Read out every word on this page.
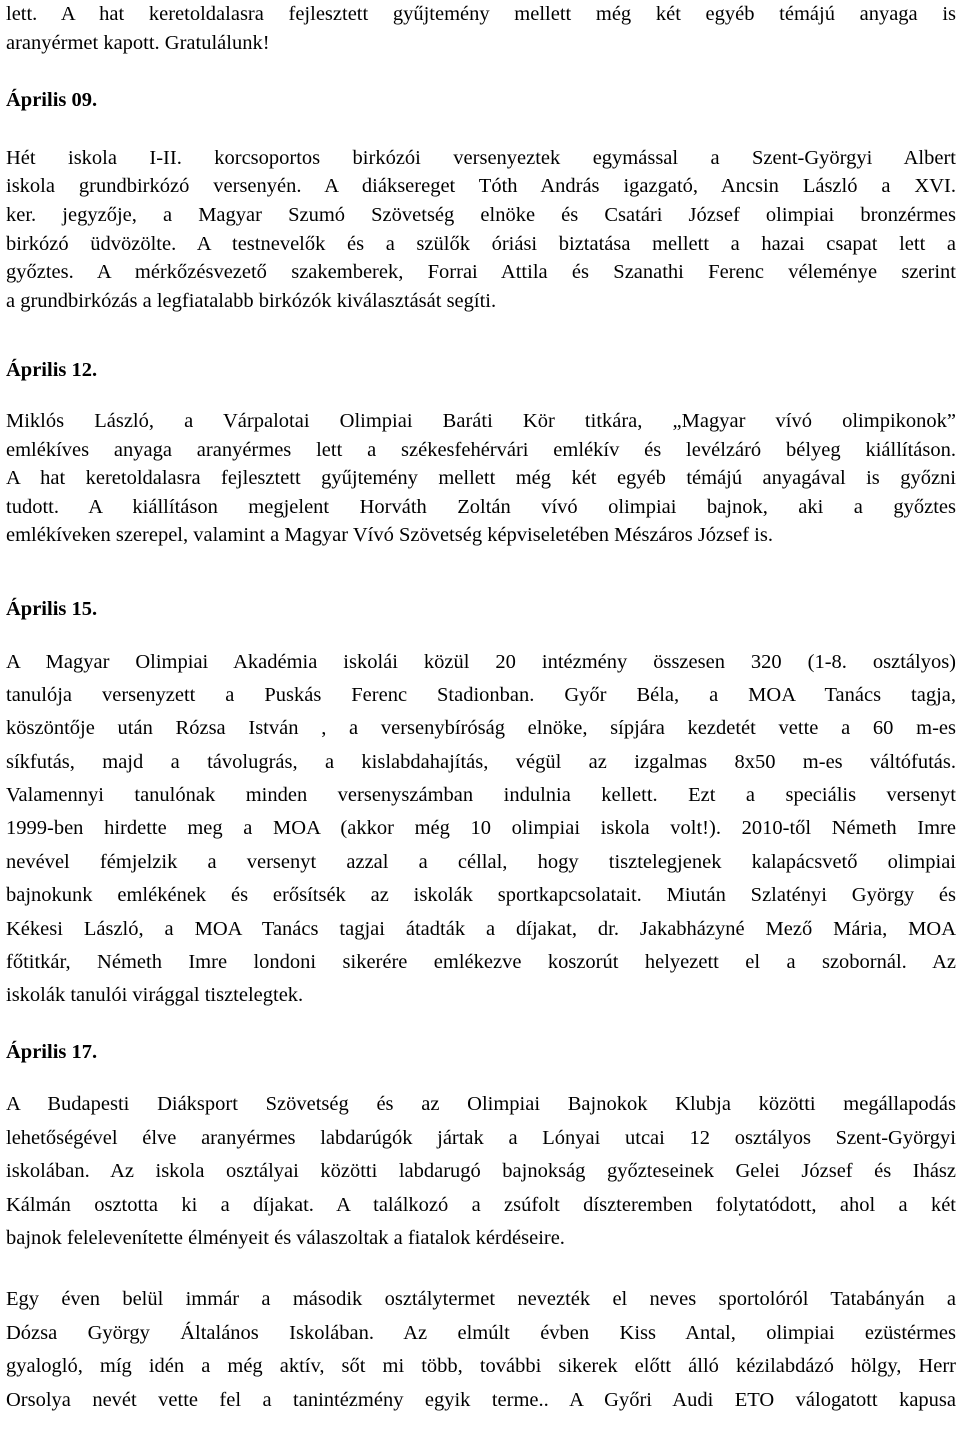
lett. A hat keretoldalasra fejlesztett gyűjtemény mellett még két egyéb témájú anyaga is
aranyérmet kapott. Gratulálunk!
Április 09.
Hét iskola I-II. korcsoportos birkózói versenyeztek egymással a Szent-Györgyi Albert
iskola grundbirkózó versenyén. A diáksereget Tóth András igazgató, Ancsin László a XVI.
ker. jegyzője, a Magyar Szumó Szövetség elnöke és Csatári József olimpiai bronzérmes
birkózó üdvözölte. A testnevelők és a szülők óriási biztatása mellett a hazai csapat lett a
győztes. A mérkőzésvezető szakemberek, Forrai Attila és Szanathi Ferenc véleménye szerint
a grundbirkózás a legfiatalabb birkózók kiválasztását segíti.
Április 12.
Miklós László, a Várpalotai Olimpiai Baráti Kör titkára, „Magyar vívó olimpikonok”
emlékíves anyaga aranyérmes lett a székesfehérvári emlékív és levélzáró bélyeg kiállításon.
A hat keretoldalasra fejlesztett gyűjtemény mellett még két egyéb témájú anyagával is győzni
tudott. A kiállításon megjelent Horváth Zoltán vívó olimpiai bajnok, aki a győztes
emlékíveken szerepel, valamint a Magyar Vívó Szövetség képviseletében Mészáros József is.
Április 15.
A Magyar Olimpiai Akadémia iskolái közül 20 intézmény összesen 320 (1-8. osztályos)
tanulója versenyzett a Puskás Ferenc Stadionban. Győr Béla, a MOA Tanács tagja,
köszöntője után Rózsa István , a versenybíróság elnöke, sípjára kezdetét vette a 60 m-es
síkfutás, majd a távolugrás, a kislabdahajítás, végül az izgalmas 8x50 m-es váltófutás.
Valamennyi tanulónak minden versenyszámban indulnia kellett. Ezt a speciális versenyt
1999-ben hirdette meg a MOA (akkor még 10 olimpiai iskola volt!). 2010-től Németh Imre
nevével fémjelzik a versenyt azzal a céllal, hogy tisztelegjenek kalapácsvető olimpiai
bajnokunk emlékének és erősítsék az iskolák sportkapcsolatait. Miután Szlatényi György és
Kékesi László, a MOA Tanács tagjai átadták a díjakat, dr. Jakabházyné Mező Mária, MOA
főtitkár, Németh Imre londoni sikerére emlékezve koszorút helyezett el a szobornál. Az
iskolák tanulói virággal tisztelegtek.
Április 17.
A Budapesti Diáksport Szövetség és az Olimpiai Bajnokok Klubja közötti megállapodás
lehetőségével élve aranyérmes labdarúgók jártak a Lónyai utcai 12 osztályos Szent-Györgyi
iskolában. Az iskola osztályai közötti labdarugó bajnokság győzteseinek Gelei József és Ihász
Kálmán osztotta ki a díjakat. A találkozó a zsúfolt díszteremben folytatódott, ahol a két
bajnok felelevenítette élményeit és válaszoltak a fiatalok kérdéseire.
Egy éven belül immár a második osztálytermet nevezték el neves sportolóról Tatabányán a
Dózsa György Általános Iskolában. Az elmúlt évben Kiss Antal, olimpiai ezüstérmes
gyalogló, míg idén a még aktív, sőt mi több, további sikerek előtt álló kézilabdázó hölgy, Herr
Orsolya nevét vette fel a tanintézmény egyik terme.. A Győri Audi ETO válogatott kapusa
